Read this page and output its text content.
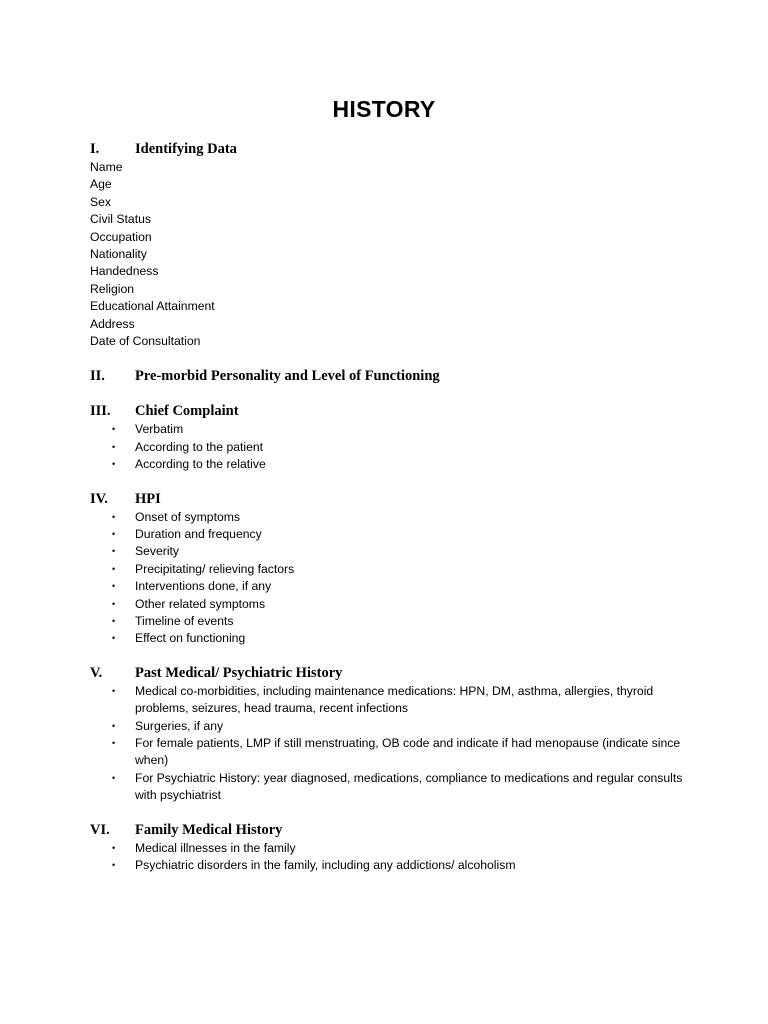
HISTORY
I.	Identifying Data
Name
Age
Sex
Civil Status
Occupation
Nationality
Handedness
Religion
Educational Attainment
Address
Date of Consultation
II.	Pre-morbid Personality and Level of Functioning
III.	Chief Complaint
• Verbatim
• According to the patient
• According to the relative
IV.	HPI
• Onset of symptoms
• Duration and frequency
• Severity
• Precipitating/ relieving factors
• Interventions done, if any
• Other related symptoms
• Timeline of events
• Effect on functioning
V.	Past Medical/ Psychiatric History
• Medical co-morbidities, including maintenance medications: HPN, DM, asthma, allergies, thyroid problems, seizures, head trauma, recent infections
• Surgeries, if any
• For female patients, LMP if still menstruating, OB code and indicate if had menopause (indicate since when)
• For Psychiatric History: year diagnosed, medications, compliance to medications and regular consults with psychiatrist
VI.	Family Medical History
• Medical illnesses in the family
• Psychiatric disorders in the family, including any addictions/ alcoholism
